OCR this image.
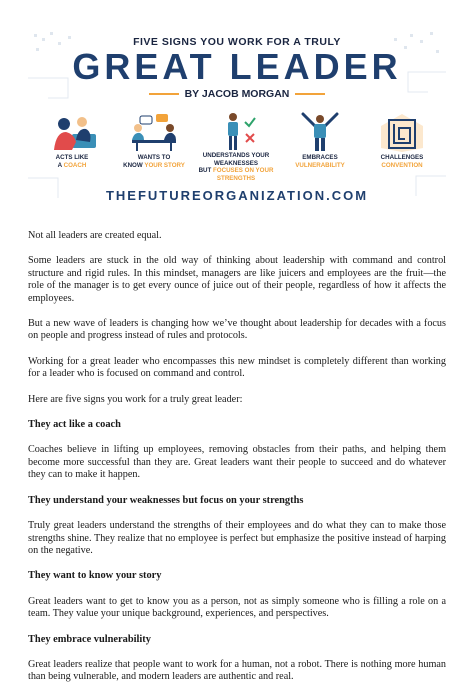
FIVE SIGNS YOU WORK FOR A TRULY
GREAT LEADER
BY JACOB MORGAN
ACTS LIKE
A COACH
WANTS TO
KNOW YOUR STORY
UNDERSTANDS YOUR WEAKNESSES
BUT FOCUSES ON YOUR STRENGTHS
EMBRACES
VULNERABILITY
CHALLENGES
CONVENTION
THEFUTUREORGANIZATION.COM

Not all leaders are created equal.

Some leaders are stuck in the old way of thinking about leadership with command and control structure and rigid rules. In this mindset, managers are like juicers and employees are the fruit—the role of the manager is to get every ounce of juice out of their people, regardless of how it affects the employees.

But a new wave of leaders is changing how we’ve thought about leadership for decades with a focus on people and progress instead of rules and protocols.

Working for a great leader who encompasses this new mindset is completely different than working for a leader who is focused on command and control.

Here are five signs you work for a truly great leader:

They act like a coach

Coaches believe in lifting up employees, removing obstacles from their paths, and helping them become more successful than they are. Great leaders want their people to succeed and do whatever they can to make it happen.

They understand your weaknesses but focus on your strengths

Truly great leaders understand the strengths of their employees and do what they can to make those strengths shine. They realize that no employee is perfect but emphasize the positive instead of harping on the negative.

They want to know your story

Great leaders want to get to know you as a person, not as simply someone who is filling a role on a team. They value your unique background, experiences, and perspectives.

They embrace vulnerability

Great leaders realize that people want to work for a human, not a robot. There is nothing more human than being vulnerable, and modern leaders are authentic and real.
